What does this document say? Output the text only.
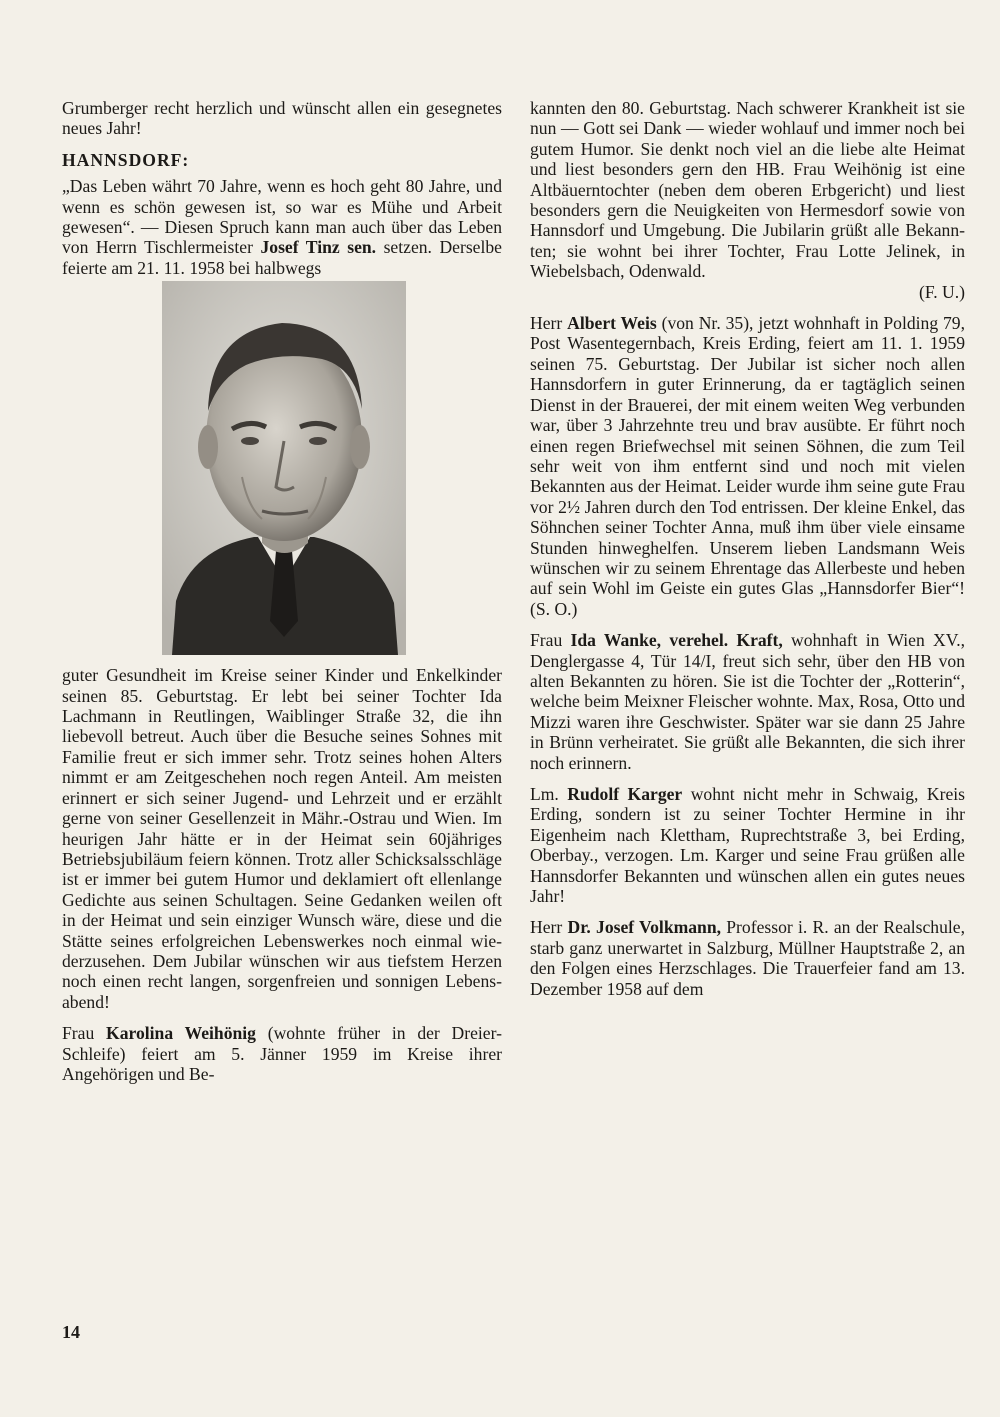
Grumberger recht herzlich und wünscht allen ein gesegnetes neues Jahr!

HANNSDORF:

„Das Leben währt 70 Jahre, wenn es hoch geht 80 Jahre, und wenn es schön gewesen ist, so war es Mühe und Arbeit gewesen“. — Diesen Spruch kann man auch über das Leben von Herrn Tischlermeister Josef Tinz sen. setzen. Derselbe feierte am 21. 11. 1958 bei halbwegs

guter Gesundheit im Kreise seiner Kinder und Enkelkinder seinen 85. Geburtstag. Er lebt bei seiner Tochter Ida Lachmann in Reutlingen, Waiblinger Straße 32, die ihn liebevoll betreut. Auch über die Besuche seines Sohnes mit Familie freut er sich immer sehr. Trotz seines hohen Alters nimmt er am Zeitgeschehen noch regen Anteil. Am meisten erinnert er sich seiner Jugend- und Lehrzeit und er erzählt gerne von seiner Gesellenzeit in Mähr.-Ostrau und Wien. Im heurigen Jahr hätte er in der Heimat sein 60jähriges Betriebsjubiläum feiern können. Trotz aller Schicksalsschläge ist er immer bei gutem Humor und deklamiert oft ellenlange Gedichte aus seinen Schultagen. Seine Gedanken weilen oft in der Heimat und sein einziger Wunsch wäre, diese und die Stätte seines erfolgreichen Lebenswerkes noch einmal wiederzusehen. Dem Jubilar wünschen wir aus tiefstem Herzen noch einen recht langen, sorgenfreien und sonnigen Lebensabend!

Frau Karolina Weihönig (wohnte früher in der Dreier-Schleife) feiert am 5. Jänner 1959 im Kreise ihrer Angehörigen und Be-

kannten den 80. Geburtstag. Nach schwerer Krankheit ist sie nun — Gott sei Dank — wieder wohlauf und immer noch bei gutem Humor. Sie denkt noch viel an die liebe alte Heimat und liest besonders gern den HB. Frau Weihönig ist eine Altbäuerntochter (neben dem oberen Erbgericht) und liest besonders gern die Neuigkeiten von Hermesdorf sowie von Hannsdorf und Umgebung. Die Jubilarin grüßt alle Bekannten; sie wohnt bei ihrer Tochter, Frau Lotte Jelinek, in Wiebelsbach, Odenwald.

(F. U.)

Herr Albert Weis (von Nr. 35), jetzt wohnhaft in Polding 79, Post Wasentegernbach, Kreis Erding, feiert am 11. 1. 1959 seinen 75. Geburtstag. Der Jubilar ist sicher noch allen Hannsdorfern in guter Erinnerung, da er tagtäglich seinen Dienst in der Brauerei, der mit einem weiten Weg verbunden war, über 3 Jahrzehnte treu und brav ausübte. Er führt noch einen regen Briefwechsel mit seinen Söhnen, die zum Teil sehr weit von ihm entfernt sind und noch mit vielen Bekannten aus der Heimat. Leider wurde ihm seine gute Frau vor 2½ Jahren durch den Tod entrissen. Der kleine Enkel, das Söhnchen seiner Tochter Anna, muß ihm über viele einsame Stunden hinweghelfen. Unserem lieben Landsmann Weis wünschen wir zu seinem Ehrentage das Allerbeste und heben auf sein Wohl im Geiste ein gutes Glas „Hannsdorfer Bier“! (S. O.)

Frau Ida Wanke, verehel. Kraft, wohnhaft in Wien XV., Denglergasse 4, Tür 14/I, freut sich sehr, über den HB von alten Bekannten zu hören. Sie ist die Tochter der „Rotterin“, welche beim Meixner Fleischer wohnte. Max, Rosa, Otto und Mizzi waren ihre Geschwister. Später war sie dann 25 Jahre in Brünn verheiratet. Sie grüßt alle Bekannten, die sich ihrer noch erinnern.

Lm. Rudolf Karger wohnt nicht mehr in Schwaig, Kreis Erding, sondern ist zu seiner Tochter Hermine in ihr Eigenheim nach Klettham, Ruprechtstraße 3, bei Erding, Oberbay., verzogen. Lm. Karger und seine Frau grüßen alle Hannsdorfer Bekannten und wünschen allen ein gutes neues Jahr!

Herr Dr. Josef Volkmann, Professor i. R. an der Realschule, starb ganz unerwartet in Salzburg, Müllner Hauptstraße 2, an den Folgen eines Herzschlages. Die Trauerfeier fand am 13. Dezember 1958 auf dem

14
